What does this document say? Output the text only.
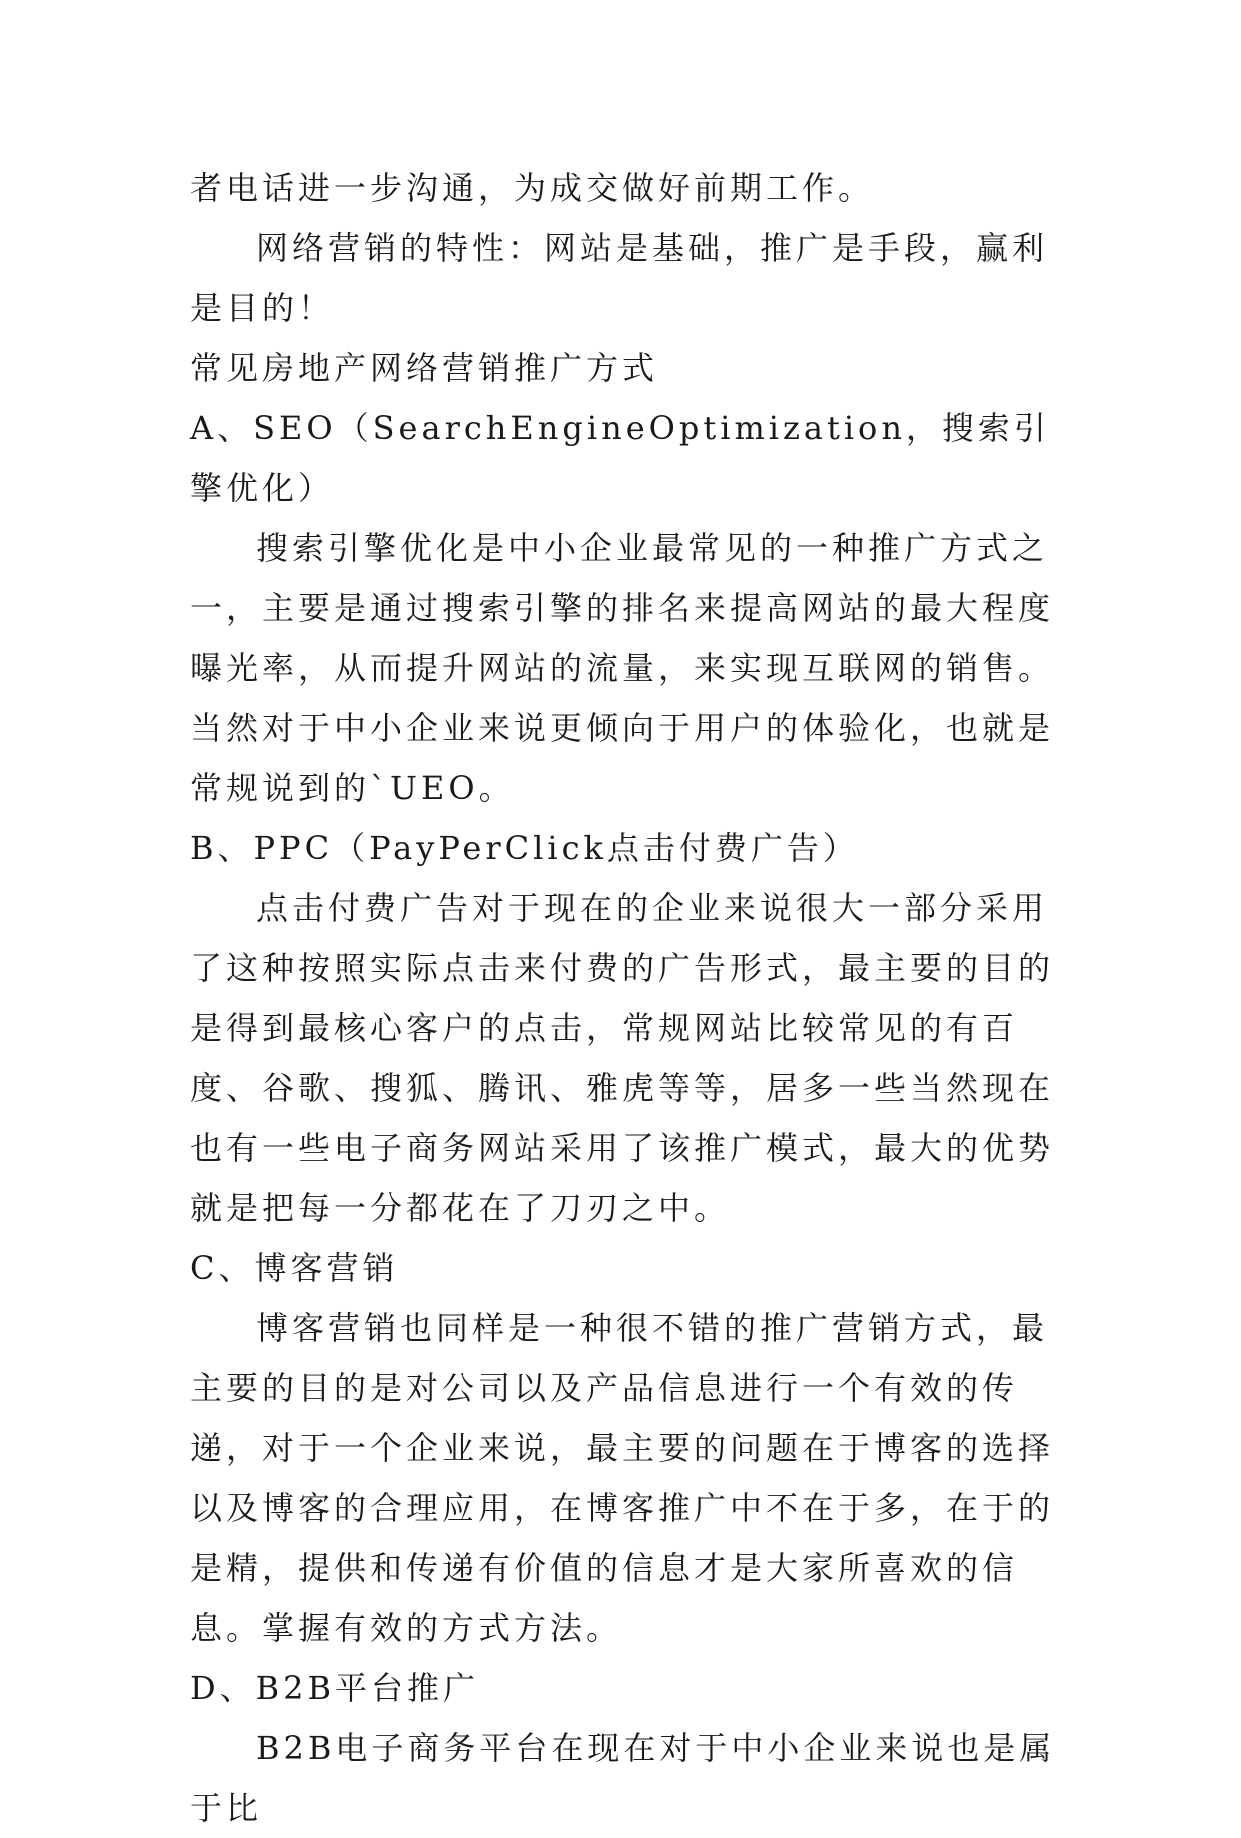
者电话进一步沟通，为成交做好前期工作。

网络营销的特性：网站是基础，推广是手段，赢利是目的！

常见房地产网络营销推广方式

A、SEO（SearchEngineOptimization，搜索引擎优化）

搜索引擎优化是中小企业最常见的一种推广方式之一，主要是通过搜索引擎的排名来提高网站的最大程度曝光率，从而提升网站的流量，来实现互联网的销售。当然对于中小企业来说更倾向于用户的体验化，也就是常规说到的`UEO。

B、PPC（PayPerClick点击付费广告）

点击付费广告对于现在的企业来说很大一部分采用了这种按照实际点击来付费的广告形式，最主要的目的是得到最核心客户的点击，常规网站比较常见的有百度、谷歌、搜狐、腾讯、雅虎等等，居多一些当然现在也有一些电子商务网站采用了该推广模式，最大的优势就是把每一分都花在了刀刃之中。

C、博客营销

博客营销也同样是一种很不错的推广营销方式，最主要的目的是对公司以及产品信息进行一个有效的传递，对于一个企业来说，最主要的问题在于博客的选择以及博客的合理应用，在博客推广中不在于多，在于的是精，提供和传递有价值的信息才是大家所喜欢的信息。掌握有效的方式方法。

D、B2B平台推广

B2B电子商务平台在现在对于中小企业来说也是属于比
